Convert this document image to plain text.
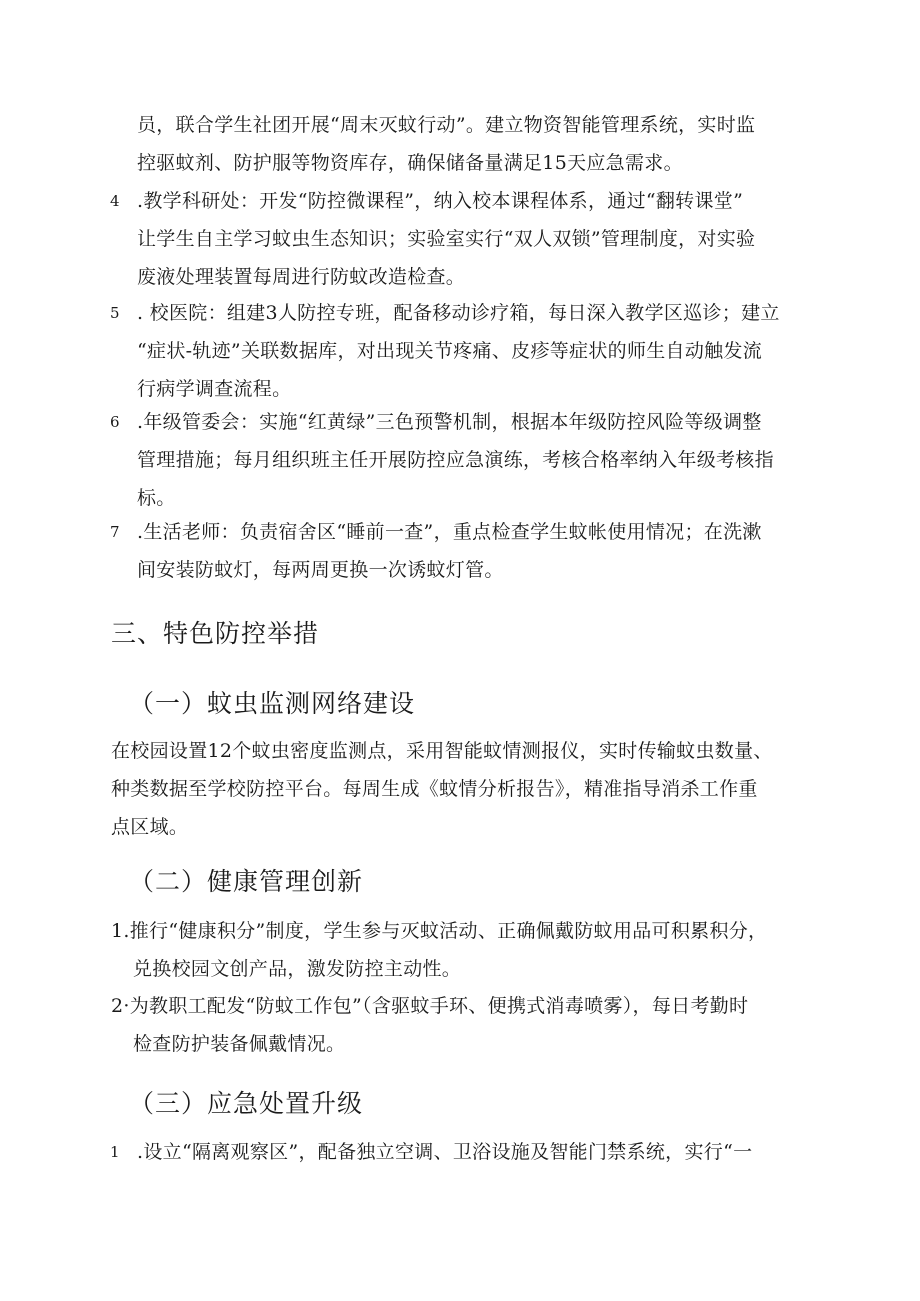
员，联合学生社团开展“周末灭蚊行动”。建立物资智能管理系统，实时监
控驱蚊剂、防护服等物资库存，确保储备量满足15天应急需求。

4 .教学科研处：开发“防控微课程”，纳入校本课程体系，通过“翻转课堂”
让学生自主学习蚊虫生态知识；实验室实行“双人双锁”管理制度，对实验
废液处理装置每周进行防蚊改造检查。

5 . 校医院：组建3人防控专班，配备移动诊疗箱，每日深入教学区巡诊；建立
“症状-轨迹”关联数据库，对出现关节疼痛、皮疹等症状的师生自动触发流
行病学调查流程。

6 .年级管委会：实施“红黄绿”三色预警机制，根据本年级防控风险等级调整
管理措施；每月组织班主任开展防控应急演练，考核合格率纳入年级考核指
标。

7 .生活老师：负责宿舍区“睡前一查”，重点检查学生蚊帐使用情况；在洗漱
间安装防蚊灯，每两周更换一次诱蚊灯管。

三、特色防控举措
（一）蚊虫监测网络建设

在校园设置12个蚊虫密度监测点，采用智能蚊情测报仪，实时传输蚊虫数量、
种类数据至学校防控平台。每周生成《蚊情分析报告》，精准指导消杀工作重
点区域。

（二）健康管理创新

1.推行“健康积分”制度，学生参与灭蚊活动、正确佩戴防蚊用品可积累积分，
兑换校园文创产品，激发防控主动性。

2·为教职工配发“防蚊工作包”（含驱蚊手环、便携式消毒喷雾），每日考勤时
检查防护装备佩戴情况。

（三）应急处置升级
1 .设立“隔离观察区”，配备独立空调、卫浴设施及智能门禁系统，实行“一
